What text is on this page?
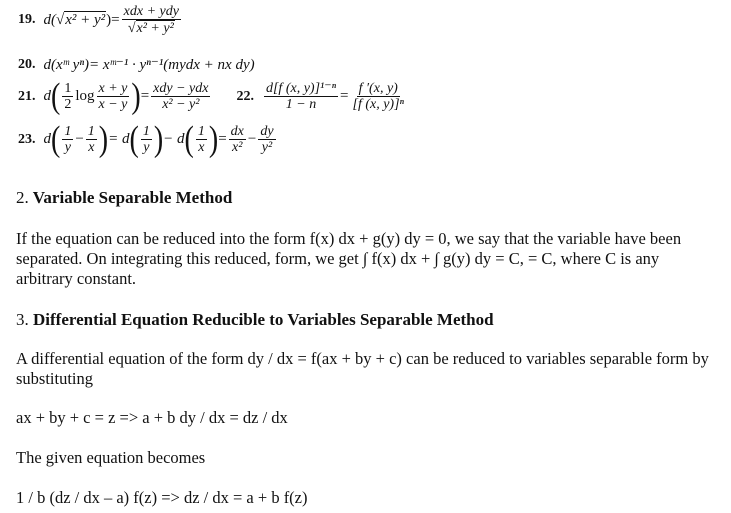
19. d( √ x² + y² )= $\frac{\text{xdx + ydy}}{\text{√x² + y²}}$
20. d(xᵐ yⁿ)= xᵐ⁻¹ · yⁿ⁻¹(mydx + nx dy)
21. d ( $\frac{1}{2}$ $\log \frac{x + y}{x - y}$ ) = $\frac{\text{xdy − ydx}}{\text{x² − y²}} 22$. $\frac{\text{d[f (x, y)]¹⁻ⁿ}}{1 - n} = \frac{f '(x, y)}{\text{[f (x, y)]ⁿ}}$
23. d ( $\frac{1}{y} - \frac{1}{x}$ ) = d ( $\frac{1}{y}$ ) − d ( $\frac{1}{x}$ ) = $\frac{dx}{\text{x²}} - \frac{dy}{\text{y²}}$
2. Variable Separable Method
If the equation can be reduced into the form f(x) dx + g(y) dy = 0, we say that the variable have been separated. On integrating this reduced, form, we get ∫ f(x) dx + ∫ g(y) dy = C, = C, where C is any arbitrary constant.
3. Differential Equation Reducible to Variables Separable Method
A differential equation of the form dy / dx = f(ax + by + c) can be reduced to variables separable form by substituting
ax + by + c = z => a + b dy / dx = dz / dx
The given equation becomes
1 / b (dz / dx – a) f(z) => dz / dx = a + b f(z)
